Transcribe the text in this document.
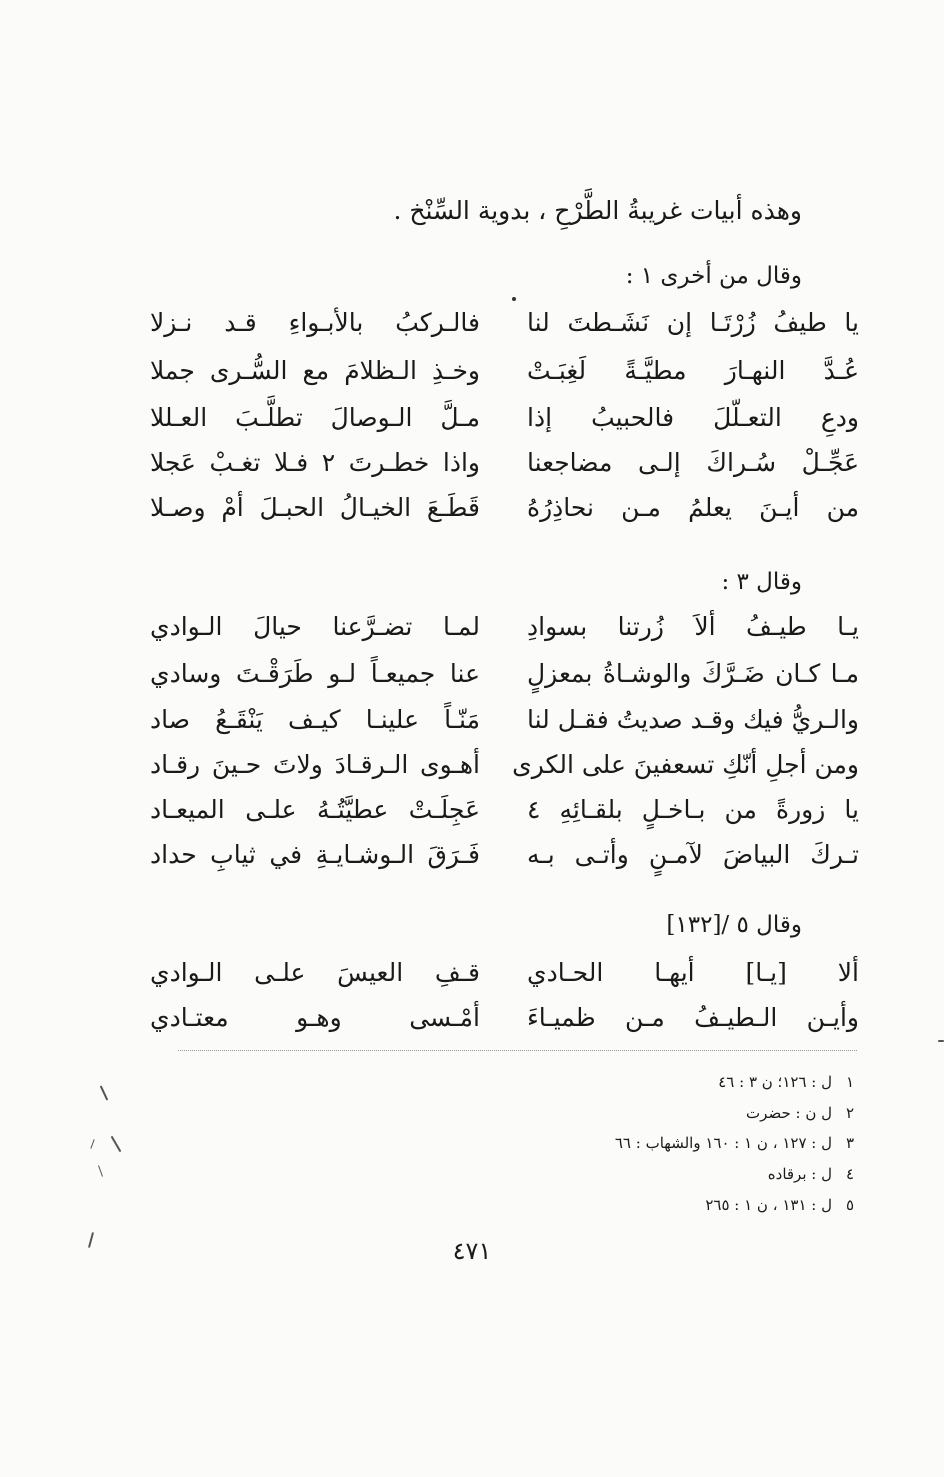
وهذه أبيات غريبةُ الطَّرْحِ ، بدوية السِّنْخ .
وقال من أخرى ١ :
يا طيفُ زُرْتَـا إن نَشَـطتَ لنا
فالـركبُ بالأبـواءِ قـد نـزلا
عُـدَّ النهـارَ مطيَّـةً لَغِبَـتْ
وخـذِ الـظلامَ مع السُّـرى جملا
ودعِ التعـلّلَ فالحبيبُ إذا
مـلَّ الـوصالَ تطلَّـبَ العـللا
عَجِّـلْ سُـراكَ إلـى مضاجعنا
واذا خطـرتَ ٢ فـلا تغـبْ عَجلا
من أيـنَ يعلمُ مـن نحاذِرُهُ
قَطَـعَ الخيـالُ الحبـلَ أمْ وصـلا
وقال ٣ :
يـا طيـفُ ألاَ زُرتنا بسوادِ
لمـا تضـرَّعنا حيالَ الـوادي
مـا كـان ضَـرَّكَ والوشـاةُ بمعزلٍ
عنا جميعـاً لـو طَرَقْـتَ وسادي
والـريُّ فيك وقـد صديتُ فقـل لنا
مَنّـاً علينـا كيـف يَنْقَـعُ صاد
ومن أجلِ أنّكِ تسعفينَ على الكرى
أهـوى الـرقـادَ ولاتَ حـينَ رقـاد
يا زورةً من بـاخـلٍ بلقـائِهِ ٤
عَجِلَـتْ عطيَّتُـهُ علـى الميعـاد
تـركَ البياضَ لآمـنٍ وأتـى بـه
فَـرَقَ الـوشـايـةِ في ثيابِ حداد
وقال ٥ /[١٣٢]
ألا [يـا] أيهـا الحـادي
قـفِ العيسَ علـى الـوادي
وأيـن الـطيـفُ مـن ظميـاءَ
أمْـسى وهـو معتـادي
١ل : ١٢٦؛ ن ٣ : ٤٦
٢ل ن : حضرت
٣ل : ١٢٧ ، ن ١ : ١٦٠ والشهاب : ٦٦
٤ل : برقاده
٥ل : ١٣١ ، ن ١ : ٢٦٥
٤٧١
